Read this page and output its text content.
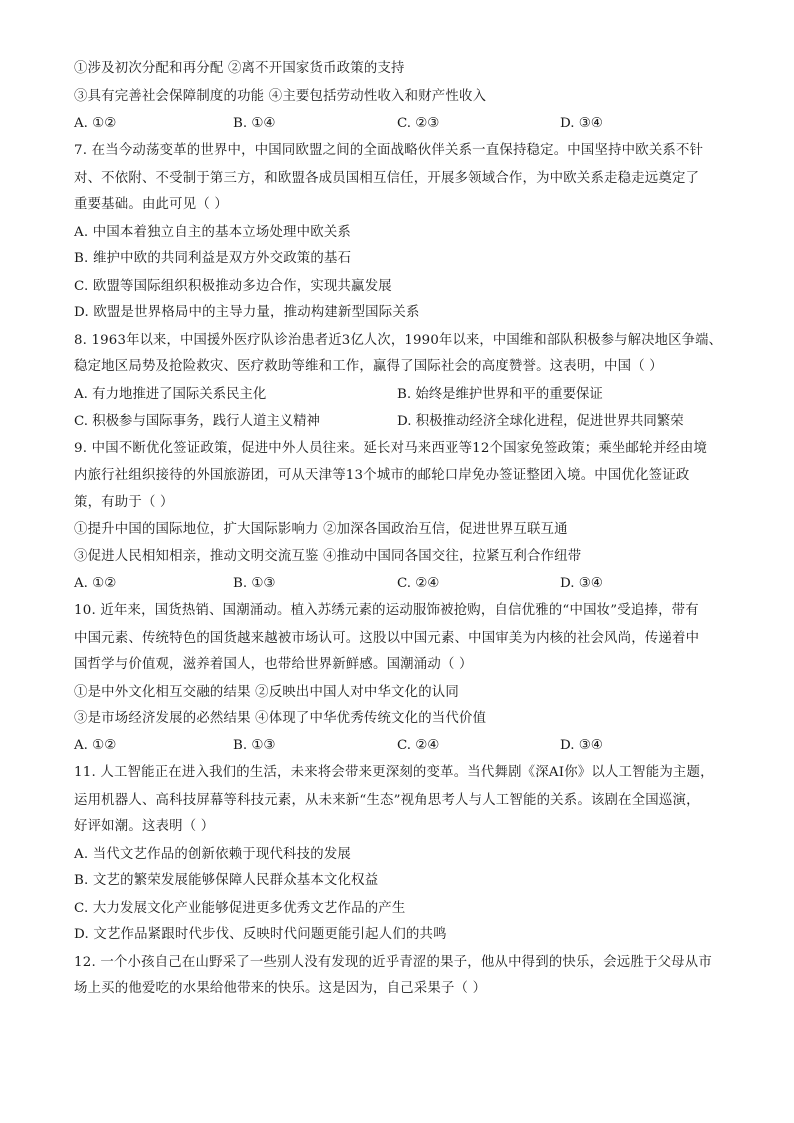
①涉及初次分配和再分配 ②离不开国家货币政策的支持
③具有完善社会保障制度的功能 ④主要包括劳动性收入和财产性收入
A. ①②	B. ①④	C. ②③	D. ③④
7. 在当今动荡变革的世界中，中国同欧盟之间的全面战略伙伴关系一直保持稳定。中国坚持中欧关系不针
对、不依附、不受制于第三方，和欧盟各成员国相互信任，开展多领域合作，为中欧关系走稳走远奠定了
重要基础。由此可见（ ）
A. 中国本着独立自主的基本立场处理中欧关系
B. 维护中欧的共同利益是双方外交政策的基石
C. 欧盟等国际组织积极推动多边合作，实现共赢发展
D. 欧盟是世界格局中的主导力量，推动构建新型国际关系
8. 1963年以来，中国援外医疗队诊治患者近3亿人次，1990年以来，中国维和部队积极参与解决地区争端、
稳定地区局势及抢险救灾、医疗救助等维和工作，赢得了国际社会的高度赞誉。这表明，中国（ ）
A. 有力地推进了国际关系民主化	B. 始终是维护世界和平的重要保证
C. 积极参与国际事务，践行人道主义精神	D. 积极推动经济全球化进程，促进世界共同繁荣
9. 中国不断优化签证政策，促进中外人员往来。延长对马来西亚等12个国家免签政策；乘坐邮轮并经由境
内旅行社组织接待的外国旅游团，可从天津等13个城市的邮轮口岸免办签证整团入境。中国优化签证政
策，有助于（ ）
①提升中国的国际地位，扩大国际影响力 ②加深各国政治互信，促进世界互联互通
③促进人民相知相亲，推动文明交流互鉴 ④推动中国同各国交往，拉紧互利合作纽带
A. ①②	B. ①③	C. ②④	D. ③④
10. 近年来，国货热销、国潮涌动。植入苏绣元素的运动服饰被抢购，自信优雅的“中国妆”受追捧，带有
中国元素、传统特色的国货越来越被市场认可。这股以中国元素、中国审美为内核的社会风尚，传递着中
国哲学与价值观，滋养着国人，也带给世界新鲜感。国潮涌动（ ）
①是中外文化相互交融的结果 ②反映出中国人对中华文化的认同
③是市场经济发展的必然结果 ④体现了中华优秀传统文化的当代价值
A. ①②	B. ①③	C. ②④	D. ③④
11. 人工智能正在进入我们的生活，未来将会带来更深刻的变革。当代舞剧《深AI你》以人工智能为主题，
运用机器人、高科技屏幕等科技元素，从未来新“生态”视角思考人与人工智能的关系。该剧在全国巡演，
好评如潮。这表明（ ）
A. 当代文艺作品的创新依赖于现代科技的发展
B. 文艺的繁荣发展能够保障人民群众基本文化权益
C. 大力发展文化产业能够促进更多优秀文艺作品的产生
D. 文艺作品紧跟时代步伐、反映时代问题更能引起人们的共鸣
12. 一个小孩自己在山野采了一些别人没有发现的近乎青涩的果子，他从中得到的快乐，会远胜于父母从市
场上买的他爱吃的水果给他带来的快乐。这是因为，自己采果子（ ）
